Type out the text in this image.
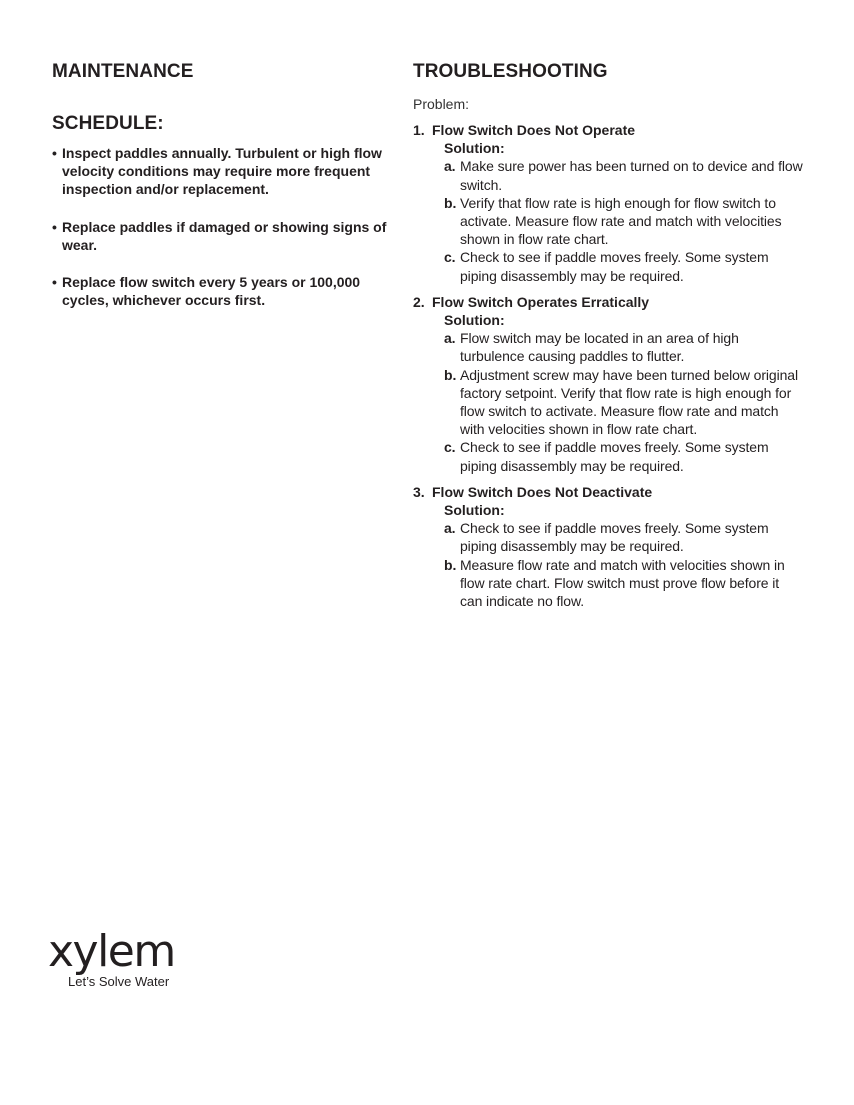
MAINTENANCE
SCHEDULE:
• Inspect paddles annually. Turbulent or high flow velocity conditions may require more frequent inspection and/or replacement.
• Replace paddles if damaged or showing signs of wear.
• Replace flow switch every 5 years or 100,000 cycles, whichever occurs first.
TROUBLESHOOTING
Problem:
1. Flow Switch Does Not Operate
Solution:
a. Make sure power has been turned on to device and flow switch.
b. Verify that flow rate is high enough for flow switch to activate. Measure flow rate and match with velocities shown in flow rate chart.
c. Check to see if paddle moves freely. Some system piping disassembly may be required.
2. Flow Switch Operates Erratically
Solution:
a. Flow switch may be located in an area of high turbulence causing paddles to flutter.
b. Adjustment screw may have been turned below original factory setpoint. Verify that flow rate is high enough for flow switch to activate. Measure flow rate and match with velocities shown in flow rate chart.
c. Check to see if paddle moves freely. Some system piping disassembly may be required.
3. Flow Switch Does Not Deactivate
Solution:
a. Check to see if paddle moves freely. Some system piping disassembly may be required.
b. Measure flow rate and match with velocities shown in flow rate chart. Flow switch must prove flow before it can indicate no flow.
xylem
Let’s Solve Water
